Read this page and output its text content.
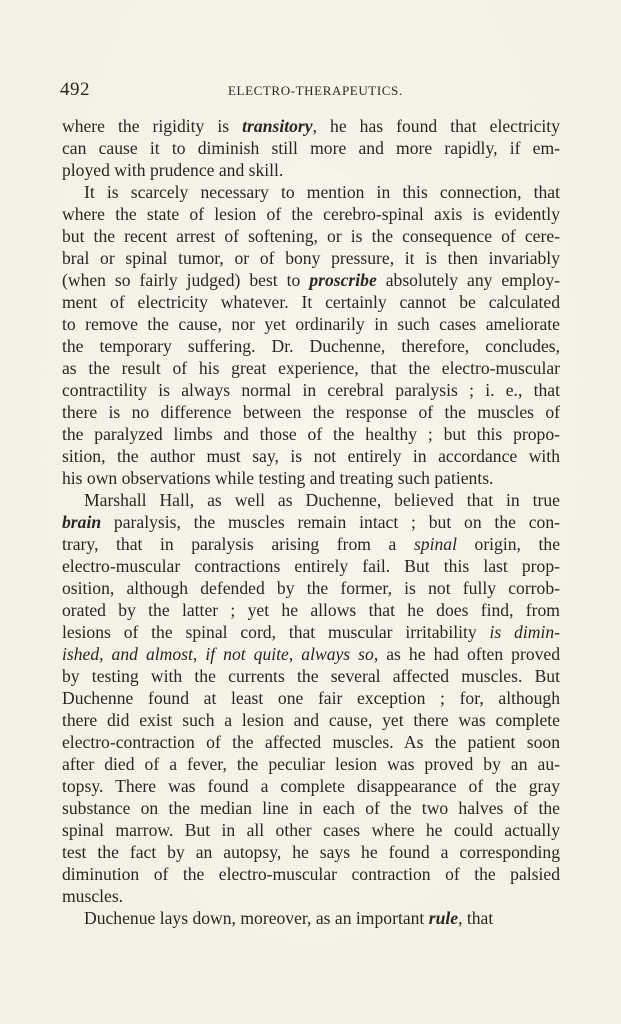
492	ELECTRO-THERAPEUTICS.
where the rigidity is transitory, he has found that electricity
can cause it to diminish still more and more rapidly, if em-
ployed with prudence and skill.
It is scarcely necessary to mention in this connection, that
where the state of lesion of the cerebro-spinal axis is evidently
but the recent arrest of softening, or is the consequence of cere-
bral or spinal tumor, or of bony pressure, it is then invariably
(when so fairly judged) best to proscribe absolutely any employ-
ment of electricity whatever. It certainly cannot be calculated
to remove the cause, nor yet ordinarily in such cases ameliorate
the temporary suffering. Dr. Duchenne, therefore, concludes,
as the result of his great experience, that the electro-muscular
contractility is always normal in cerebral paralysis ; i. e., that
there is no difference between the response of the muscles of
the paralyzed limbs and those of the healthy ; but this propo-
sition, the author must say, is not entirely in accordance with
his own observations while testing and treating such patients.
Marshall Hall, as well as Duchenne, believed that in true
brain paralysis, the muscles remain intact ; but on the con-
trary, that in paralysis arising from a spinal origin, the
electro-muscular contractions entirely fail. But this last prop-
osition, although defended by the former, is not fully corrob-
orated by the latter ; yet he allows that he does find, from
lesions of the spinal cord, that muscular irritability is dimin-
ished, and almost, if not quite, always so, as he had often proved
by testing with the currents the several affected muscles. But
Duchenne found at least one fair exception ; for, although
there did exist such a lesion and cause, yet there was complete
electro-contraction of the affected muscles. As the patient soon
after died of a fever, the peculiar lesion was proved by an au-
topsy. There was found a complete disappearance of the gray
substance on the median line in each of the two halves of the
spinal marrow. But in all other cases where he could actually
test the fact by an autopsy, he says he found a corresponding
diminution of the electro-muscular contraction of the palsied
muscles.
Duchenue lays down, moreover, as an important rule, that
